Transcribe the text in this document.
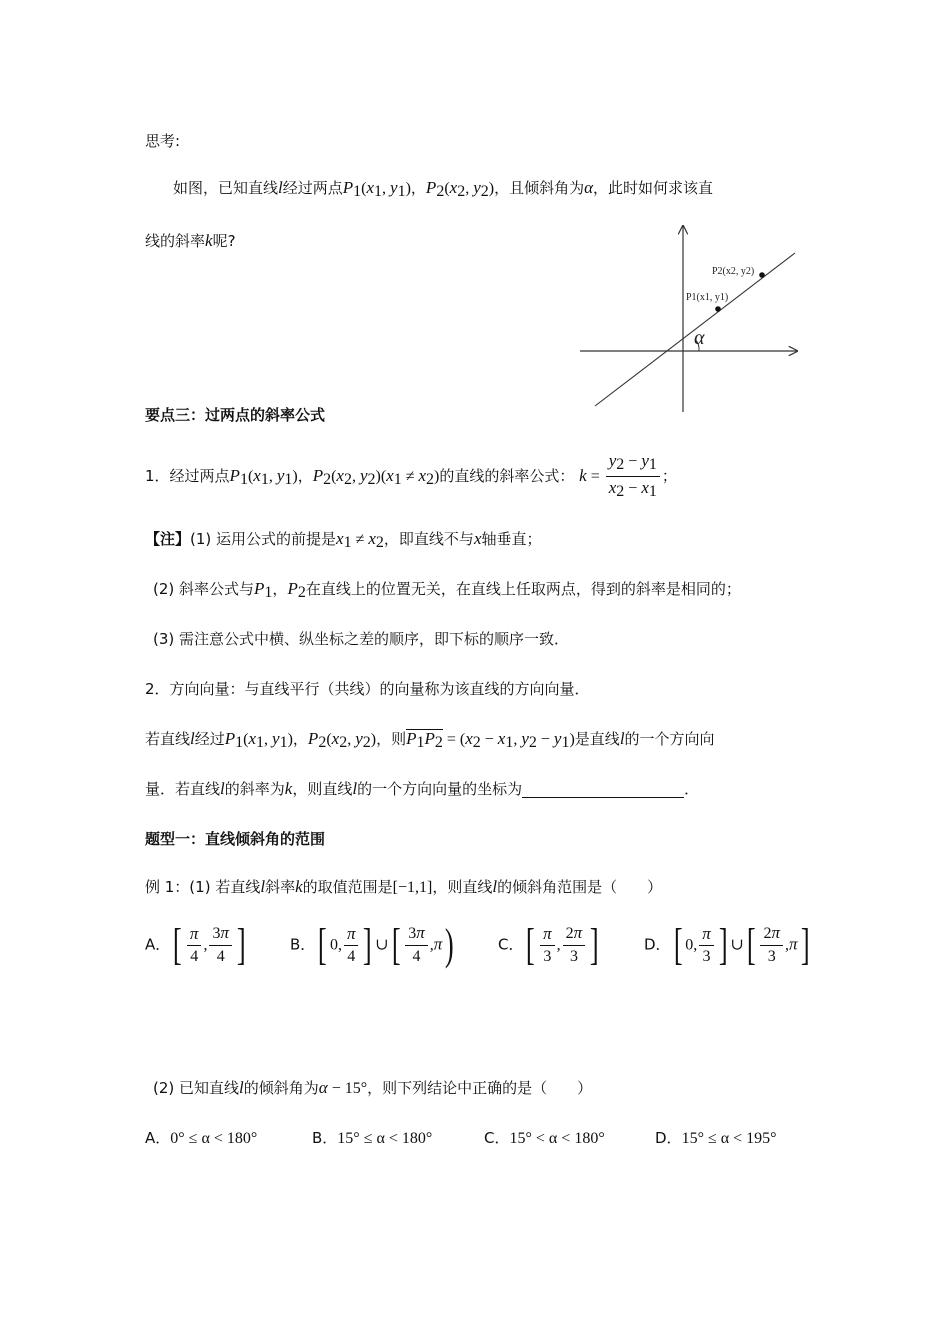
思考:
如图，已知直线l经过两点$P_1(x_1$, $y_1$)，$P_2(x_2$, $y_2$)，且倾斜角为α，此时如何求该直
线的斜率k呢?
P1(x1, y1)
P2(x2, y2)
α
要点三：过两点的斜率公式
1．经过两点$P_1(x_1$, $y_1$)，$P_2(x_2$, $y_2)(x_1 \ne x_2)$的直线的斜率公式： $k = \frac{y_2 - y_1}{x_2 - x_1}$ ；
【注】(1) 运用公式的前提是$x_1 \ne x_2$，即直线不与x轴垂直；
(2) 斜率公式与$P_1$，$P_2$在直线上的位置无关，在直线上任取两点，得到的斜率是相同的；
(3) 需注意公式中横、纵坐标之差的顺序，即下标的顺序一致．
2．方向向量：与直线平行（共线）的向量称为该直线的方向向量．
若直线l经过$P_1(x_1$, $y_1$)，$P_2(x_2$, $y_2$)，则$P_1P_2 = (x_2 - x_1$, $y_2 - y_1$)是直线l的一个方向向
量．若直线l的斜率为k，则直线l的一个方向向量的坐标为	．
题型一：直线倾斜角的范围
例 1：(1) 若直线l斜率k的取值范围是[−1,1]，则直线l的倾斜角范围是（　　）
A．[ $\frac{\pi}{4}$ , $\frac{3\pi}{4}$ ]	B．[ 0, $\frac{\pi}{4}$ ] ∪[ $\frac{3\pi}{4} ,\pi$)	C．[ $\frac{\pi}{3}$ , $\frac{2\pi}{3}$ ]	D．[ 0, $\frac{\pi}{3}$ ] ∪[ $\frac{2\pi}{3} ,\pi$]
(2) 已知直线l的倾斜角为α − 15°，则下列结论中正确的是（　　）
A．0° ≤ α < 180°	B．15° ≤ α < 180°	C．15° < α < 180°	D．15° ≤ α < 195°
